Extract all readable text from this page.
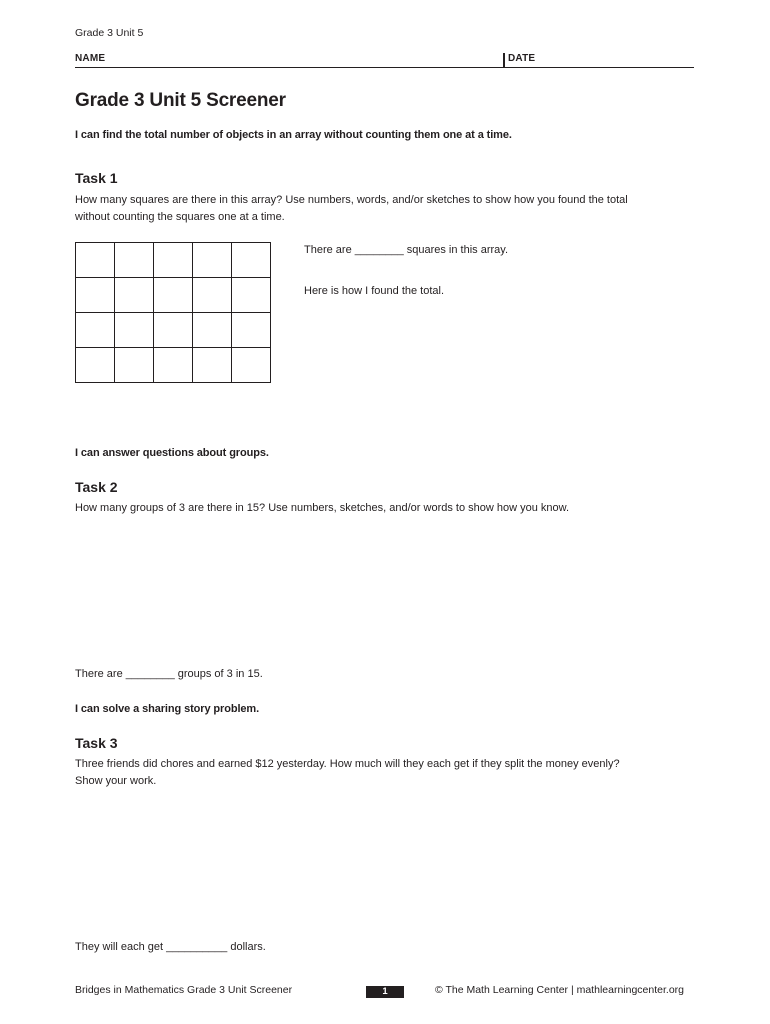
Grade 3 Unit 5
NAME	DATE
Grade 3 Unit 5 Screener
I can find the total number of objects in an array without counting them one at a time.
Task 1
How many squares are there in this array? Use numbers, words, and/or sketches to show how you found the total
without counting the squares one at a time.

There are ________ squares in this array.
Here is how I found the total.
I can answer questions about groups.
Task 2
How many groups of 3 are there in 15? Use numbers, sketches, and/or words to show how you know.
There are ________ groups of 3 in 15.
I can solve a sharing story problem.
Task 3
Three friends did chores and earned $12 yesterday. How much will they each get if they split the money evenly?
Show your work.
They will each get __________ dollars.
Bridges in Mathematics Grade 3 Unit Screener	1	© The Math Learning Center | mathlearningcenter.org
